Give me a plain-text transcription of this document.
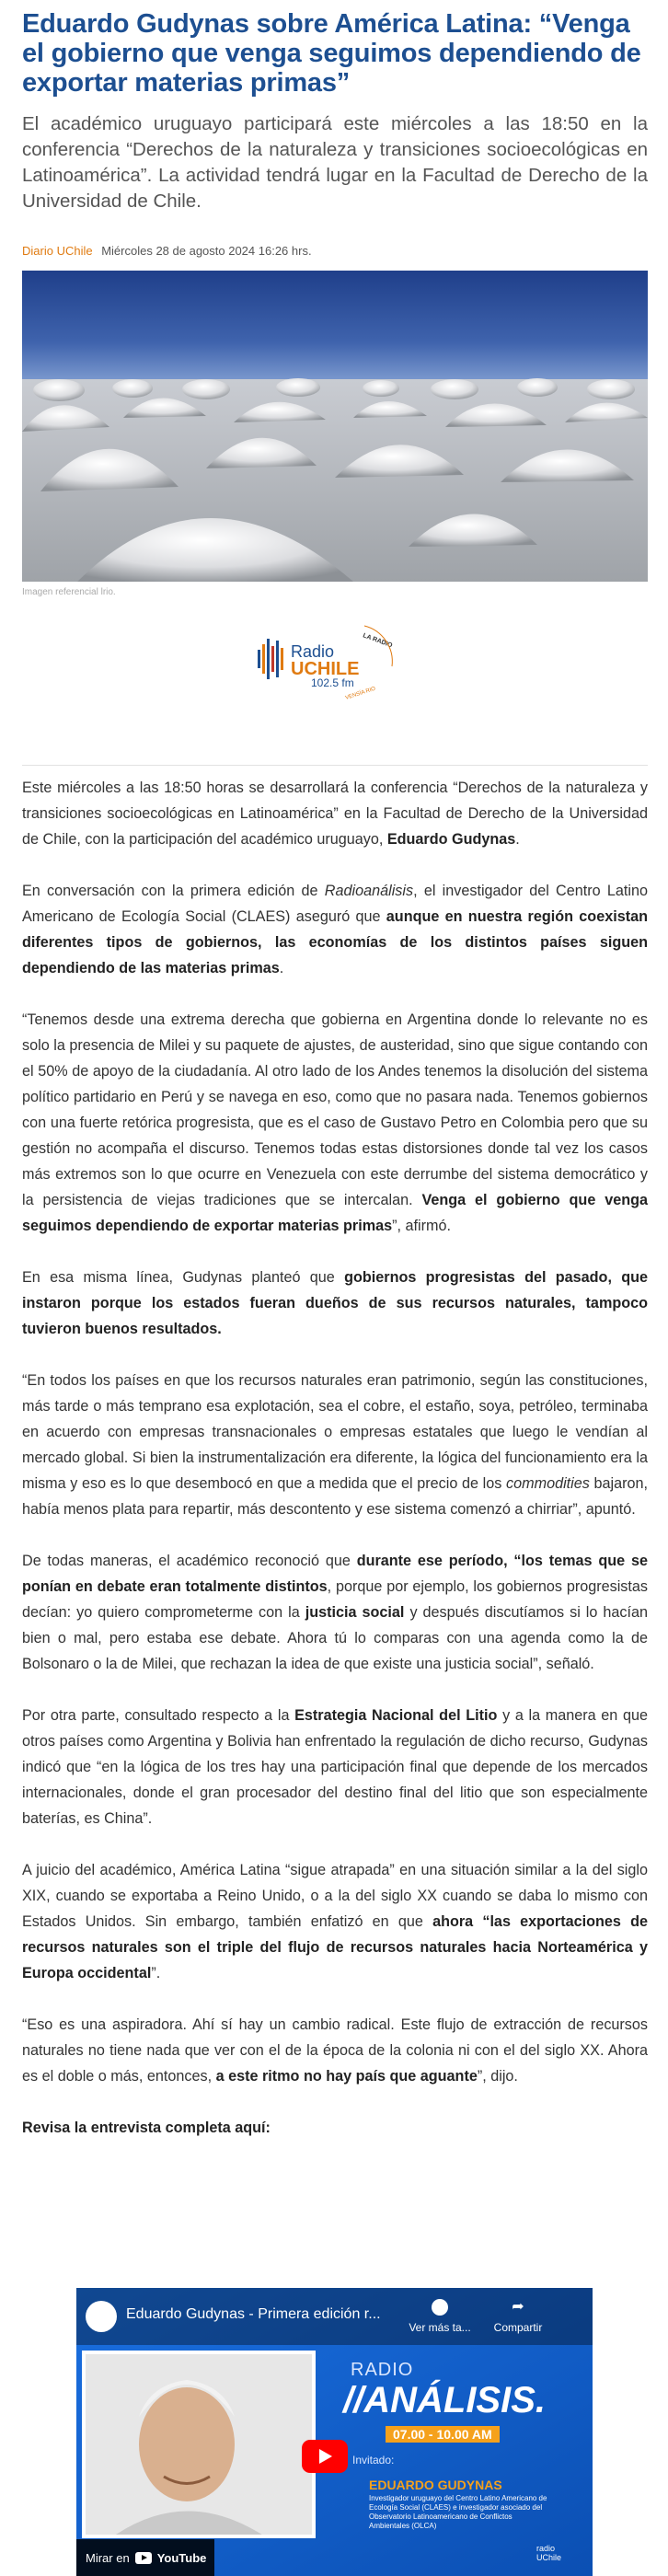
Eduardo Gudynas sobre América Latina: “Venga el gobierno que venga seguimos dependiendo de exportar materias primas”

El académico uruguayo participará este miércoles a las 18:50 en la conferencia “Derechos de la naturaleza y transiciones socioecológicas en Latinoamérica”. La actividad tendrá lugar en la Facultad de Derecho de la Universidad de Chile.

Diario UChile Miércoles 28 de agosto 2024 16:26 hrs.
Imagen referencial lrio.
Radio
UCHILE
102.5 fm
LA RADIO
VENSÍA RIO

Este miércoles a las 18:50 horas se desarrollará la conferencia “Derechos de la naturaleza y transiciones socioecológicas en Latinoamérica” en la Facultad de Derecho de la Universidad de Chile, con la participación del académico uruguayo, Eduardo Gudynas.

En conversación con la primera edición de Radioanálisis, el investigador del Centro Latino Americano de Ecología Social (CLAES) aseguró que aunque en nuestra región coexistan diferentes tipos de gobiernos, las economías de los distintos países siguen dependiendo de las materias primas.

“Tenemos desde una extrema derecha que gobierna en Argentina donde lo relevante no es solo la presencia de Milei y su paquete de ajustes, de austeridad, sino que sigue contando con el 50% de apoyo de la ciudadanía. Al otro lado de los Andes tenemos la disolución del sistema político partidario en Perú y se navega en eso, como que no pasara nada. Tenemos gobiernos con una fuerte retórica progresista, que es el caso de Gustavo Petro en Colombia pero que su gestión no acompaña el discurso. Tenemos todas estas distorsiones donde tal vez los casos más extremos son lo que ocurre en Venezuela con este derrumbe del sistema democrático y la persistencia de viejas tradiciones que se intercalan. Venga el gobierno que venga seguimos dependiendo de exportar materias primas”, afirmó.

En esa misma línea, Gudynas planteó que gobiernos progresistas del pasado, que instaron porque los estados fueran dueños de sus recursos naturales, tampoco tuvieron buenos resultados.

“En todos los países en que los recursos naturales eran patrimonio, según las constituciones, más tarde o más temprano esa explotación, sea el cobre, el estaño, soya, petróleo, terminaba en acuerdo con empresas transnacionales o empresas estatales que luego le vendían al mercado global. Si bien la instrumentalización era diferente, la lógica del funcionamiento era la misma y eso es lo que desembocó en que a medida que el precio de los commodities bajaron, había menos plata para repartir, más descontento y ese sistema comenzó a chirriar”, apuntó.

De todas maneras, el académico reconoció que durante ese período, “los temas que se ponían en debate eran totalmente distintos, porque por ejemplo, los gobiernos progresistas decían: yo quiero comprometerme con la justicia social y después discutíamos si lo hacían bien o mal, pero estaba ese debate. Ahora tú lo comparas con una agenda como la de Bolsonaro o la de Milei, que rechazan la idea de que existe una justicia social”, señaló.

Por otra parte, consultado respecto a la Estrategia Nacional del Litio y a la manera en que otros países como Argentina y Bolivia han enfrentado la regulación de dicho recurso, Gudynas indicó que “en la lógica de los tres hay una participación final que depende de los mercados internacionales, donde el gran procesador del destino final del litio que son especialmente baterías, es China”.

A juicio del académico, América Latina “sigue atrapada” en una situación similar a la del siglo XIX, cuando se exportaba a Reino Unido, o a la del siglo XX cuando se daba lo mismo con Estados Unidos. Sin embargo, también enfatizó en que ahora “las exportaciones de recursos naturales son el triple del flujo de recursos naturales hacia Norteamérica y Europa occidental”.

“Eso es una aspiradora. Ahí sí hay un cambio radical. Este flujo de extracción de recursos naturales no tiene nada que ver con el de la época de la colonia ni con el del siglo XX. Ahora es el doble o más, entonces, a este ritmo no hay país que aguante”, dijo.

Revisa la entrevista completa aquí:

Eduardo Gudynas - Primera edición r...
Ver más ta...
➦
Compartir
RADIO
//ANÁLISIS.
07.00 - 10.00 AM
Invitado:
EDUARDO GUDYNAS
Investigador uruguayo del Centro Latino Americano de Ecología Social (CLAES) e investigador asociado del Observatorio Latinoamericano de Conflictos Ambientales (OLCA)
radio UChile
Mirar en YouTube
